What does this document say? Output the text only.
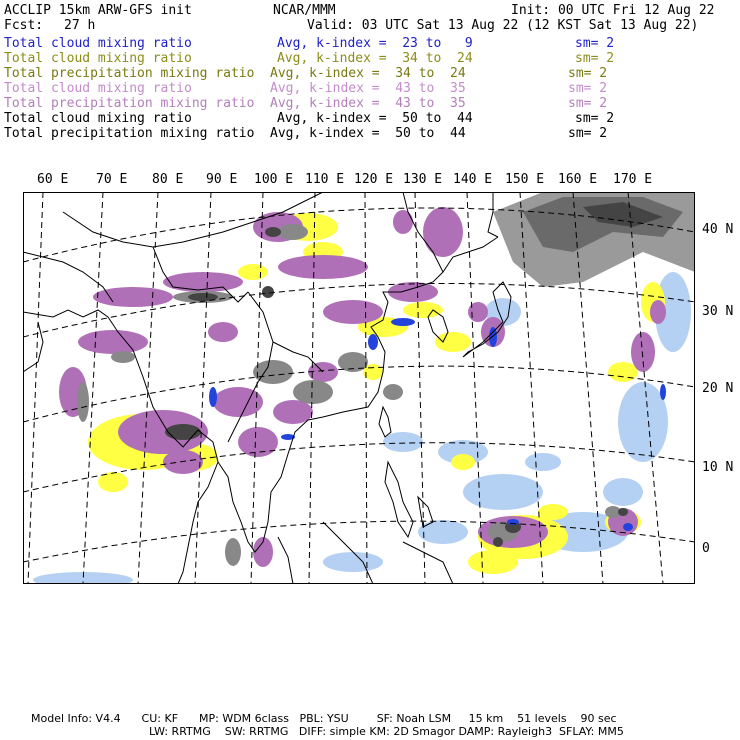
ACCLIP 15km ARW-GFS init	NCAR/MMM	Init: 00 UTC Fri 12 Aug 22
Fcst: 27 h	Valid: 03 UTC Sat 13 Aug 22 (12 KST Sat 13 Aug 22)
Total cloud mixing ratio	Avg, k-index =  23 to   9	sm= 2
Total cloud mixing ratio	Avg, k-index =  34 to  24	sm= 2
Total precipitation mixing ratio Avg, k-index =  34 to  24	sm= 2
Total cloud mixing ratio	Avg, k-index =  43 to  35	sm= 2
Total precipitation mixing ratio Avg, k-index =  43 to  35	sm= 2
Total cloud mixing ratio	Avg, k-index =  50 to  44	sm= 2
Total precipitation mixing ratio Avg, k-index =  50 to  44	sm= 2
60 E 70 E 80 E 90 E 100 E 110 E 120 E 130 E 140 E 150 E 160 E 170 E
40 N
30 N
20 N
10 N
0
Model Info: V4.4      CU: KF      MP: WDM 6class   PBL: YSU        SF: Noah LSM     15 km    51 levels    90 sec
LW: RRTMG    SW: RRTMG   DIFF: simple KM: 2D Smagor DAMP: Rayleigh3  SFLAY: MM5
